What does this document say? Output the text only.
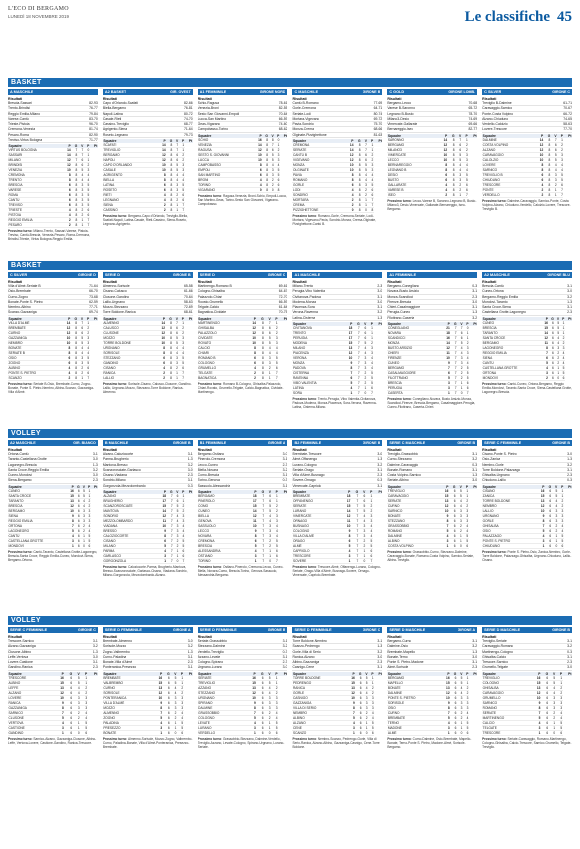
L'ECO DI BERGAMO
LUNEDÌ 18 NOVEMBRE 2019	Le classifiche 45
BASKET
A MASCHILE
Risultati
Brescia-Sassari	82-93
Trento-Brindisi	76-77
Reggio Emilia-Milano	79-84
Varese-Cantù	83-70
Trieste-Pistoia	96-70
Cremona-Venezia	81-74
Pesaro-Roma	82-90
Treviso-Virtus Bologna	71-77
Squadre	P	G	V	P	Pt
VIRTUS BOLOGNA	14	7	7	0	
SASSARI	14	8	7	1	
MILANO	12	7	6	1	
BRINDISI	12	8	6	2	
VENEZIA	10	8	5	3	
CREMONA	8	8	4	4	
TRENTO	8	8	4	4	
BRESCIA	6	8	3	5	
VARESE	6	8	3	5	
ROMA	6	8	3	5	
CANTÙ	6	8	3	5	
TREVISO	6	8	3	5	
TRIESTE	4	8	2	6	
PISTOIA	4	8	2	6	
REGGIO EMILIA	2	8	1	7	
PESARO	2	8	1	7	
Prossimo turno: Milano-Trento, Sassari-Varese, Pistoia-Treviso, Cantù-Brescia, Venezia-Pesaro, Roma-Cremona, Brindisi-Trieste, Virtus Bologna-Reggio Emilia.
A2 BASKET	GIR. OVEST
Risultati
Capo d'Orlando-Scafati	82-66
Biella-Bergamo	76-81
Napoli-Latina	80-72
Casale-Rieti	74-70
Cassino-Treviglio	68-77
Agrigento-Siena	71-64
Roseto-Legnano	79-73
Squadre	P	G	V	P	Pt
SCAFATI	14	8	7	1	
TREVIGLIO	14	8	7	1	
BERGAMO	12	8	6	2	
NAPOLI	12	8	6	2	
CAPO D'ORLANDO	10	8	5	3	
CASALE	10	8	5	3	
AGRIGENTO	8	8	4	4	
BIELLA	8	8	4	4	
LATINA	6	8	3	5	
ROSETO	6	8	3	5	
RIETI	4	8	2	6	
LEGNANO	4	8	2	6	
SIENA	2	8	1	7	
CASSINO	2	8	1	7	
Prossimo turno: Bergamo-Capo d'Orlando, Treviglio-Biella, Scafati-Napoli, Latina-Casale, Rieti-Cassino, Siena-Roseto, Legnano-Agrigento.
A1 FEMMINILE	GIRONE NORD
Risultati
Schio-Ragusa	78-61
Venezia-Broni	82-55
Sesto San Giovanni-Empoli	70-64
Lucca-San Martino	66-59
Geas-Vigarano	74-60
Campobasso-Torino	68-62
Squadre	P	G	V	P	Pt
SCHIO	16	8	8	0	
VENEZIA	14	8	7	1	
RAGUSA	12	8	6	2	
SESTO S. GIOVANNI	10	8	5	3	
LUCCA	10	8	5	3	
CAMPOBASSO	8	8	4	4	
EMPOLI	6	8	3	5	
SAN MARTINO	6	8	3	5	
BRONI	4	8	2	6	
TORINO	4	8	2	6	
VIGARANO	0	8	0	8	
Prossimo turno: Ragusa-Venezia, Broni-Schio, Empoli-Lucca, San Martino-Geas, Torino-Sesto San Giovanni, Vigarano-Campobasso.
C MASCHILE	GIRONE B
Risultati
Cantù B-Romano	77-69
Gorle-Cremona	64-71
Seriate-Lodi	80-74
Mortara-Vigevano	69-72
Pavia-Sondrio	75-70
Monza-Crema	68-66
Olginate-Pizzighettone	81-63
Squadre	P	G	V	P	Pt
CREMONA	14	8	7	1	
SERIATE	14	8	7	1	
CANTÙ B	12	8	6	2	
VIGEVANO	12	8	6	2	
MONZA	10	8	5	3	
OLGINATE	10	8	5	3	
PAVIA	8	8	4	4	
ROMANO	8	8	4	4	
GORLE	6	8	3	5	
LODI	4	8	2	6	
SONDRIO	4	8	2	6	
MORTARA	2	8	1	7	
CREMA	2	8	1	7	
PIZZIGHETTONE	0	8	0	8	
Prossimo turno: Romano-Gorle, Cremona-Seriate, Lodi-Mortara, Vigevano-Pavia, Sondrio-Monza, Crema-Olginate, Pizzighettone-Cantù B.
C GOLD	GIRONE LOMB.
Risultati
Bergamo-Lecco	70-68
Varese B-Saronno	65-72
Legnano B-Busto	78-70
Milano3-Desio	74-69
Vimercate-Gallarate	69-66
Bernareggio-Iseo	82-77
Squadre	P	G	V	P	Pt
SARONNO	14	8	7	1	
BERGAMO	12	8	6	2	
MILANO3	12	8	6	2	
VIMERCATE	10	8	5	3	
LECCO	10	8	5	3	
BERNAREGGIO	8	8	4	4	
LEGNANO B	8	8	4	4	
DESIO	6	8	3	5	
BUSTO	6	8	3	5	
GALLARATE	4	8	2	6	
VARESE B	4	8	2	6	
ISEO	2	8	1	7	
Prossimo turno: Lecco-Varese B, Saronno-Legnano B, Busto-Milano3, Desio-Vimercate, Gallarate-Bernareggio, Iseo-Bergamo.
C SILVER	GIRONE C
Risultati
Treviglio B-Dalmine	61-71
Caravaggio-Sarnico	70-67
Ponte-Costa Volpino	66-72
Alzano-Chiuduno	74-65
Verdello-Calolzio	58-63
Lovere-Trescore	77-70
Squadre	P	G	V	P	Pt
DALMINE	14	8	7	1	
COSTA VOLPINO	12	8	6	2	
ALZANO	12	8	6	2	
CARAVAGGIO	10	8	5	3	
CALOLZIO	10	8	5	3	
LOVERE	8	8	4	4	
SARNICO	8	8	4	4	
TREVIGLIO B	6	8	3	5	
CHIUDUNO	6	8	3	5	
TRESCORE	4	8	2	6	
PONTE	2	8	1	7	
VERDELLO	2	8	1	7	
Prossimo turno: Dalmine-Caravaggio, Sarnico-Ponte, Costa Volpino-Alzano, Chiuduno-Verdello, Calolzio-Lovere, Trescore-Treviglio B.
BASKET
C SILVER	GIRONE D
Risultati
Villa d'Almè-Seriate B	71-64
Osio-Brembate	66-70
Curno-Zogno	73-68
Bonate-Ponte S. Pietro	62-59
Nembro-Albino	77-71
Scanzo-Gazzaniga	69-74
Squadre	P	G	V	P	Pt
VILLA D'ALMÈ	14	8	7	1	
BREMBATE	12	8	6	2	
CURNO	12	8	6	2	
GAZZANIGA	10	8	5	3	
NEMBRO	10	8	5	3	
BONATE	8	8	4	4	
SERIATE B	8	8	4	4	
OSIO	6	8	3	5	
ZOGNO	6	8	3	5	
ALBINO	4	8	2	6	
PONTE S. PIETRO	4	8	2	6	
SCANZO	2	8	1	7	
Prossimo turno: Seriate B-Osio, Brembate-Curno, Zogno-Bonate, Ponte S. Pietro-Nembro, Albino-Scanzo, Gazzaniga-Villa d'Almè.
SERIE D	GIRONE B
Risultati
Almenno-Sorisole	65-58
Cisano-Calusco	61-66
Clusone-Gandino	70-64
Lallio-Urgnano	58-63
Mozzo-Stezzano	72-69
Torre Boldone-Ranica	68-61
Squadre	P	G	V	P	Pt
ALMENNO	14	8	7	1	
CALUSCO	12	8	6	2	
CLUSONE	12	8	6	2	
MOZZO	10	8	5	3	
TORRE BOLDONE	10	8	5	3	
URGNANO	8	8	4	4	
SORISOLE	8	8	4	4	
STEZZANO	6	8	3	5	
GANDINO	6	8	3	5	
CISANO	4	8	2	6	
RANICA	2	8	1	7	
LALLIO	2	8	1	7	
Prossimo turno: Sorisole-Cisano, Calusco-Clusone, Gandino-Lallio, Urgnano-Mozzo, Stezzano-Torre Boldone, Ranica-Almenno.
SERIE D	GIRONE C
Risultati
Martinengo-Romano B	69-61
Cologno-Ghisalba	64-67
Palazzolo-Chiari	72-70
Rovato-Grumello	66-59
Telgate-Calcio	61-64
Bagnatica-Cividate	70-75
Squadre	P	G	V	P	Pt
MARTINENGO	14	8	7	1	
GHISALBA	12	8	6	2	
PALAZZOLO	12	8	6	2	
CIVIDATE	10	8	5	3	
ROVATO	10	8	5	3	
CALCIO	8	8	4	4	
CHIARI	8	8	4	4	
ROMANO B	6	8	3	5	
COLOGNO	6	8	3	5	
GRUMELLO	4	8	2	6	
TELGATE	2	8	1	7	
BAGNATICA	2	8	1	7	
Prossimo turno: Romano B-Cologno, Ghisalba-Palazzolo, Chiari-Rovato, Grumello-Telgate, Calcio-Bagnatica, Cividate-Martinengo.
A1 MASCHILE
Risultati
Milano-Trento	2-3
Perugia-Vibo Valentia	3-0
Civitanova-Padova	3-1
Modena-Monza	3-0
Piacenza-Sora	3-1
Verona-Ravenna	3-2
Latina-Cisterna	1-3
Squadre	P	G	V	P	Pt
CIVITANOVA	18	7	6	1	
TRENTO	17	7	6	1	
PERUGIA	17	7	6	1	
MODENA	15	7	5	2	
MILANO	13	7	4	3	
PIACENZA	12	7	4	3	
VERONA	10	7	3	4	
MONZA	9	7	3	4	
PADOVA	8	7	3	4	
CISTERNA	7	7	2	5	
RAVENNA	6	7	2	5	
VIBO VALENTIA	5	7	2	5	
LATINA	4	7	1	6	
SORA	1	7	0	7	
Prossimo turno: Trento-Perugia, Vibo Valentia-Civitanova, Padova-Modena, Monza-Piacenza, Sora-Verona, Ravenna-Latina, Cisterna-Milano.
A1 FEMMINILE
Risultati
Bergamo-Conegliano	0-3
Novara-Busto Arsizio	3-1
Monza-Scandicci	2-3
Firenze-Brescia	3-0
Chieri-Casalmaggiore	3-1
Perugia-Cuneo	1-3
Filottrano-Caserta	3-2
Squadre	P	G	V	P	Pt
CONEGLIANO	21	7	7	0	
NOVARA	18	7	6	1	
SCANDICCI	16	7	6	1	
MONZA	14	7	5	2	
BUSTO ARSIZIO	12	7	4	3	
CHIERI	11	7	4	3	
FIRENZE	10	7	3	4	
CUNEO	9	7	3	4	
BERGAMO	7	7	2	5	
CASALMAGGIORE	6	7	2	5	
FILOTTRANO	5	7	2	5	
BRESCIA	3	7	1	6	
PERUGIA	3	7	1	6	
CASERTA	1	7	0	7	
Prossimo turno: Conegliano-Novara, Busto Arsizio-Monza, Scandicci-Firenze, Brescia-Bergamo, Casalmaggiore-Perugia, Cuneo-Filottrano, Caserta-Chieri.
A2 MASCHILE	GIRONE BLU
Risultati
Brescia-Cantù	3-1
Cuneo-Ortona	3-0
Bergamo-Reggio Emilia	3-2
Mondovì-Taranto	1-3
Santa Croce-Siena	3-1
Castellana Grotte-Lagonegro	2-3
Squadre	P	G	V	P	Pt
CUNEO	16	6	5	1	
BRESCIA	15	6	5	1	
TARANTO	14	6	5	1	
SANTA CROCE	12	6	4	2	
BERGAMO	11	6	4	2	
LAGONEGRO	8	6	3	3	
REGGIO EMILIA	7	6	2	4	
SIENA	6	6	2	4	
CANTÙ	5	6	2	4	
CASTELLANA GROTTE	4	6	1	5	
ORTONA	3	6	1	5	
MONDOVÌ	2	6	0	6	
Prossimo turno: Cantù-Cuneo, Ortona-Bergamo, Reggio Emilia-Mondovì, Taranto-Santa Croce, Siena-Castellana Grotte, Lagonegro-Brescia.
VOLLEY
A2 MASCHILE	GIR. BIANCO
Risultati
Ortona-Cantù	3-1
Taranto-Castellana Grotte	3-0
Lagonegro-Brescia	1-3
Santa Croce-Reggio Emilia	3-2
Cuneo-Mondovì	3-0
Siena-Bergamo	2-3
Squadre	P	G	V	P	Pt
CUNEO	16	6	5	1	
SANTA CROCE	15	6	5	1	
TARANTO	13	6	4	2	
BRESCIA	12	6	4	2	
BERGAMO	10	6	3	3	
SIENA	9	6	3	3	
REGGIO EMILIA	8	6	3	3	
ORTONA	7	6	2	4	
LAGONEGRO	5	6	2	4	
CANTÙ	4	6	1	5	
CASTELLANA GROTTE	3	6	1	5	
MONDOVÌ	1	6	0	6	
Prossimo turno: Cantù-Taranto, Castellana Grotte-Lagonegro, Brescia-Santa Croce, Reggio Emilia-Cuneo, Mondovì-Siena, Bergamo-Ortona.
B MASCHILE	GIRONE B
Risultati
Alzano-Caloziocorte	3-1
Parma-Brugherio	1-3
Mantova-Bresso	3-2
Scanzorosciate-Garlasco	3-0
Cisano-Viadana	2-3
Sondrio-Milano	3-1
Gorgonzola-Mezzolombardo	0-3
Squadre	P	G	V	P	Pt
ALZANO	18	7	6	1	
BRUGHERIO	17	7	6	1	
SCANZOROSCIATE	15	7	5	2	
MANTOVA	14	7	5	2	
SONDRIO	12	7	4	3	
MEZZOLOMBARDO	11	7	4	3	
VIADANA	10	7	3	4	
BRESSO	9	7	3	4	
CALOZIOCORTE	8	7	3	4	
CISANO	6	7	2	5	
MILANO	5	7	2	5	
PARMA	4	7	1	6	
GARLASCO	3	7	1	6	
GORGONZOLA	1	7	0	7	
Prossimo turno: Caloziocorte-Parma, Brugherio-Mantova, Bresso-Scanzorosciate, Garlasco-Cisano, Viadana-Sondrio, Milano-Gorgonzola, Mezzolombardo-Alzano.
B1 FEMMINILE	GIRONE A
Risultati
Bergamo-Ostiano	3-0
Pinerolo-Cremona	3-1
Lecco-Cuneo	2-3
Biella-Novara	3-2
Como-Brescia	3-1
Torino-Genova	0-3
Sassuolo-Alessandria	3-1
Squadre	P	G	V	P	Pt
BERGAMO	18	7	6	1	
PINEROLO	17	7	6	1	
COMO	15	7	5	2	
CUNEO	14	7	5	2	
BIELLA	12	7	4	3	
GENOVA	11	7	4	3	
SASSUOLO	10	7	3	4	
LECCO	9	7	3	4	
NOVARA	8	7	3	4	
CREMONA	6	7	2	5	
BRESCIA	5	7	2	5	
ALESSANDRIA	4	7	1	6	
OSTIANO	3	7	1	6	
TORINO	1	7	0	7	
Prossimo turno: Ostiano-Pinerolo, Cremona-Lecco, Cuneo-Biella, Novara-Como, Brescia-Torino, Genova-Sassuolo, Alessandria-Bergamo.
B2 FEMMINILE	GIRONE B
Risultati
Brembate-Trescore	3-0
Almè-Offanengo	1-3
Lurano-Cologno	3-2
Seriate-Orago	3-1
Villa d'Almè-Busnago	2-3
Sovere-Ornago	0-3
Vimercate-Capriolo	3-1
Squadre	P	G	V	P	Pt
BREMBATE	18	7	6	1	
OFFANENGO	17	7	6	1	
SERIATE	15	7	5	2	
LURANO	14	7	5	2	
VIMERCATE	12	7	4	3	
ORNAGO	11	7	4	3	
BUSNAGO	10	7	3	4	
COLOGNO	9	7	3	4	
VILLA D'ALMÈ	8	7	3	4	
ORAGO	6	7	2	5	
ALMÈ	5	7	2	5	
CAPRIOLO	4	7	1	6	
TRESCORE	3	7	1	6	
SOVERE	1	7	0	7	
Prossimo turno: Trescore-Almè, Offanengo-Lurano, Cologno-Seriate, Orago-Villa d'Almè, Busnago-Sovere, Ornago-Vimercate, Capriolo-Brembate.
SERIE C MASCHILE	GIRONE B
Risultati
Treviglio-Grassobbio	3-1
Curno-Stezzano	3-2
Dalmine-Caravaggio	0-3
Bonate-Romano	3-1
Costa Volpino-Sarnico	1-3
Seriate-Albino	3-0
Squadre	P	G	V	P	Pt
TREVIGLIO	16	6	5	1	
CARAVAGGIO	15	6	5	1	
SERIATE	13	6	4	2	
CURNO	12	6	4	2	
SARNICO	10	6	3	3	
BONATE	9	6	3	3	
STEZZANO	8	6	3	3	
GRASSOBBIO	7	6	2	4	
ROMANO	5	6	2	4	
DALMINE	4	6	1	5	
ALBINO	3	6	1	5	
COSTA VOLPINO	1	6	0	6	
Prossimo turno: Grassobbio-Curno, Stezzano-Dalmine, Caravaggio-Bonate, Romano-Costa Volpino, Sarnico-Seriate, Albino-Treviglio.
SERIE C FEMMINILE	GIRONE B
Risultati
Cisano-Ponte S. Pietro	3-0
Osio-Zanica	1-3
Nembro-Gorle	3-2
Torre Boldone-Palazzago	3-1
Ghisalba-Urgnano	2-3
Chiuduno-Lallio	0-3
Squadre	P	G	V	P	Pt
CISANO	16	6	5	1	
ZANICA	15	6	5	1	
TORRE BOLDONE	13	6	4	2	
NEMBRO	12	6	4	2	
LALLIO	10	6	3	3	
URGNANO	9	6	3	3	
GORLE	8	6	3	3	
GHISALBA	7	6	2	4	
OSIO	5	6	2	4	
PALAZZAGO	4	6	1	5	
PONTE S. PIETRO	3	6	1	5	
CHIUDUNO	1	6	0	6	
Prossimo turno: Ponte S. Pietro-Osio, Zanica-Nembro, Gorle-Torre Boldone, Palazzago-Ghisalba, Urgnano-Chiuduno, Lallio-Cisano.
VOLLEY
SERIE C FEMMINILE	GIRONE C
Risultati
Trescore-Sarnico	3-1
Alzano-Gazzaniga	3-2
Clusone-Albino	1-3
Leffe-Vertova	3-0
Lovere-Castione	3-1
Gandino-Ranica	2-3
Squadre	P	G	V	P	Pt
TRESCORE	16	6	5	1	
ALBINO	15	6	5	1	
LEFFE	13	6	4	2	
ALZANO	12	6	4	2	
LOVERE	10	6	3	3	
RANICA	9	6	3	3	
GAZZANIGA	8	6	3	3	
SARNICO	7	6	2	4	
CLUSONE	5	6	2	4	
VERTOVA	4	6	1	5	
CASTIONE	3	6	1	5	
GANDINO	1	6	0	6	
Prossimo turno: Sarnico-Alzano, Gazzaniga-Clusone, Albino-Leffe, Vertova-Lovere, Castione-Gandino, Ranica-Trescore.
SERIE D FEMMINILE	GIRONE A
Risultati
Brembate-Almenno	3-0
Sorisole-Mozzo	3-2
Zogno-Valbrembo	1-3
Curno-Paladina	3-1
Bonate-Villa d'Almè	2-3
Ponteranica-Presezzo	3-1
Squadre	P	G	V	P	Pt
BREMBATE	16	6	5	1	
VALBREMBO	15	6	5	1	
CURNO	13	6	4	2	
SORISOLE	12	6	4	2	
PONTERANICA	10	6	3	3	
VILLA D'ALMÈ	9	6	3	3	
MOZZO	8	6	3	3	
ALMENNO	7	6	2	4	
ZOGNO	5	6	2	4	
PALADINA	4	6	1	5	
PRESEZZO	3	6	1	5	
BONATE	1	6	0	6	
Prossimo turno: Almenno-Sorisole, Mozzo-Zogno, Valbrembo-Curno, Paladina-Bonate, Villa d'Almè-Ponteranica, Presezzo-Brembate.
SERIE D FEMMINILE	GIRONE B
Risultati
Seriate-Grassobbio	3-1
Stezzano-Dalmine	3-2
Verdello-Treviglio	0-3
Azzano-Levate	3-1
Cologno-Spirano	2-3
Urgnano-Lurano	3-0
Squadre	P	G	V	P	Pt
SERIATE	16	6	5	1	
TREVIGLIO	15	6	5	1	
AZZANO	13	6	4	2	
STEZZANO	12	6	4	2	
URGNANO	10	6	3	3	
SPIRANO	9	6	3	3	
DALMINE	8	6	3	3	
GRASSOBBIO	7	6	2	4	
COLOGNO	5	6	2	4	
LEVATE	4	6	1	5	
LURANO	3	6	1	5	
VERDELLO	1	6	0	6	
Prossimo turno: Grassobbio-Stezzano, Dalmine-Verdello, Treviglio-Azzano, Levate-Cologno, Spirano-Urgnano, Lurano-Seriate.
SERIE D FEMMINILE	GIRONE C
Risultati
Torre Boldone-Nembro	3-1
Scanzo-Pedrengo	1-3
Gorle-Villa di Serio	3-2
Ranica-Alzano	3-0
Albino-Gazzaniga	2-3
Casnigo-Cene	3-1
Squadre	P	G	V	P	Pt
TORRE BOLDONE	16	6	5	1	
PEDRENGO	15	6	5	1	
RANICA	13	6	4	2	
GORLE	12	6	4	2	
CASNIGO	10	6	3	3	
GAZZANIGA	9	6	3	3	
VILLA DI SERIO	8	6	3	3	
NEMBRO	7	6	2	4	
ALBINO	5	6	2	4	
ALZANO	4	6	1	5	
CENE	3	6	1	5	
SCANZO	1	6	0	6	
Prossimo turno: Nembro-Scanzo, Pedrengo-Gorle, Villa di Serio-Ranica, Alzano-Albino, Gazzaniga-Casnigo, Cene-Torre Boldone.
SERIE D MASCHILE	GIRONE A
Risultati
Bergamo-Curno	3-1
Dalmine-Osio	3-2
Brembate-Mapello	1-3
Bonate-Terno	3-0
Ponte S. Pietro-Madone	3-1
Almè-Sorisole	2-3
Squadre	P	G	V	P	Pt
BERGAMO	16	6	5	1	
MAPELLO	15	6	5	1	
BONATE	13	6	4	2	
DALMINE	12	6	4	2	
PONTE S. PIETRO	10	6	3	3	
SORISOLE	9	6	3	3	
OSIO	8	6	3	3	
CURNO	7	6	2	4	
BREMBATE	5	6	2	4	
TERNO	4	6	1	5	
MADONE	3	6	1	5	
ALMÈ	1	6	0	6	
Prossimo turno: Curno-Dalmine, Osio-Brembate, Mapello-Bonate, Terno-Ponte S. Pietro, Madone-Almè, Sorisole-Bergamo.
SERIE D MASCHILE	GIRONE B
Risultati
Treviglio-Seriate	3-1
Caravaggio-Romano	3-2
Martinengo-Cologno	0-3
Ghisalba-Calcio	3-1
Trescore-Sarnico	2-3
Grumello-Telgate	3-0
Squadre	P	G	V	P	Pt
TREVIGLIO	16	6	5	1	
COLOGNO	15	6	5	1	
GHISALBA	13	6	4	2	
CARAVAGGIO	12	6	4	2	
GRUMELLO	10	6	3	3	
SARNICO	9	6	3	3	
ROMANO	8	6	3	3	
SERIATE	7	6	2	4	
MARTINENGO	5	6	2	4	
CALCIO	4	6	1	5	
TELGATE	3	6	1	5	
TRESCORE	1	6	0	6	
Prossimo turno: Seriate-Caravaggio, Romano-Martinengo, Cologno-Ghisalba, Calcio-Trescore, Sarnico-Grumello, Telgate-Treviglio.
